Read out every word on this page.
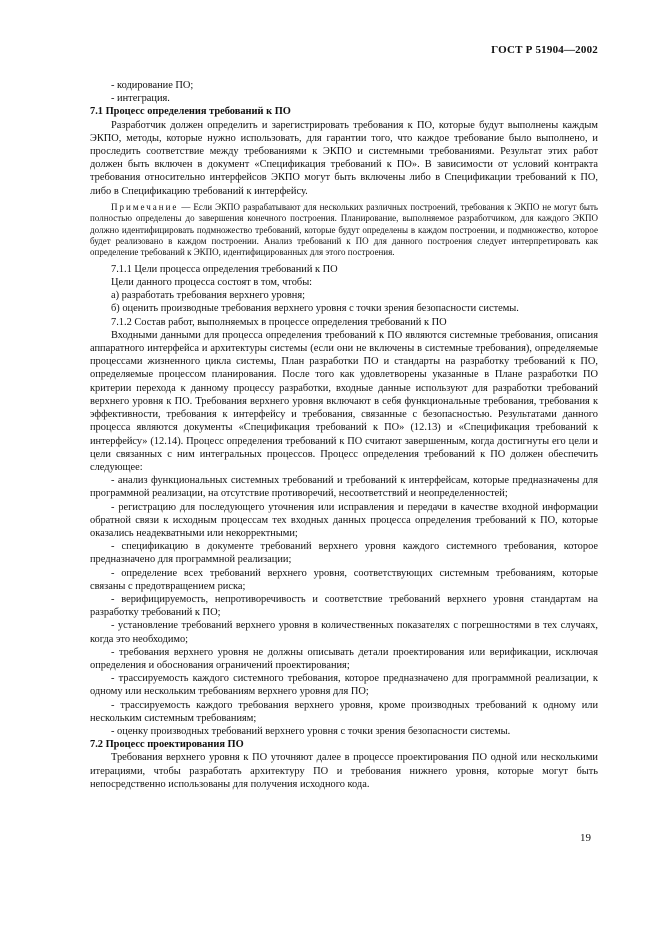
ГОСТ Р 51904—2002

- кодирование ПО;

- интеграция.

7.1 Процесс определения требований к ПО

Разработчик должен определить и зарегистрировать требования к ПО, которые будут выполнены каждым ЭКПО, методы, которые нужно использовать, для гарантии того, что каждое требование было выполнено, и проследить соответствие между требованиями к ЭКПО и системными требованиями. Результат этих работ должен быть включен в документ «Спецификация требований к ПО». В зависимости от условий контракта требования относительно интерфейсов ЭКПО могут быть включены либо в Спецификации требований к ПО, либо в Спецификацию требований к интерфейсу.

Примечание — Если ЭКПО разрабатывают для нескольких различных построений, требования к ЭКПО не могут быть полностью определены до завершения конечного построения. Планирование, выполняемое разработчиком, для каждого ЭКПО должно идентифицировать подмножество требований, которые будут определены в каждом построении, и подмножество, которое будет реализовано в каждом построении. Анализ требований к ПО для данного построения следует интерпретировать как определение требований к ЭКПО, идентифицированных для этого построения.

7.1.1 Цели процесса определения требований к ПО

Цели данного процесса состоят в том, чтобы:

а) разработать требования верхнего уровня;

б) оценить производные требования верхнего уровня с точки зрения безопасности системы.

7.1.2 Состав работ, выполняемых в процессе определения требований к ПО

Входными данными для процесса определения требований к ПО являются системные требования, описания аппаратного интерфейса и архитектуры системы (если они не включены в системные требования), определяемые процессами жизненного цикла системы, План разработки ПО и стандарты на разработку требований к ПО, определяемые процессом планирования. После того как удовлетворены указанные в Плане разработки ПО критерии перехода к данному процессу разработки, входные данные используют для разработки требований верхнего уровня к ПО. Требования верхнего уровня включают в себя функциональные требования, требования к эффективности, требования к интерфейсу и требования, связанные с безопасностью. Результатами данного процесса являются документы «Спецификация требований к ПО» (12.13) и «Спецификация требований к интерфейсу» (12.14). Процесс определения требований к ПО считают завершенным, когда достигнуты его цели и цели связанных с ним интегральных процессов. Процесс определения требований к ПО должен обеспечить следующее:

- анализ функциональных системных требований и требований к интерфейсам, которые предназначены для программной реализации, на отсутствие противоречий, несоответствий и неопределенностей;

- регистрацию для последующего уточнения или исправления и передачи в качестве входной информации обратной связи к исходным процессам тех входных данных процесса определения требований к ПО, которые оказались неадекватными или некорректными;

- спецификацию в документе требований верхнего уровня каждого системного требования, которое предназначено для программной реализации;

- определение всех требований верхнего уровня, соответствующих системным требованиям, которые связаны с предотвращением риска;

- верифицируемость, непротиворечивость и соответствие требований верхнего уровня стандартам на разработку требований к ПО;

- установление требований верхнего уровня в количественных показателях с погрешностями в тех случаях, когда это необходимо;

- требования верхнего уровня не должны описывать детали проектирования или верификации, исключая определения и обоснования ограничений проектирования;

- трассируемость каждого системного требования, которое предназначено для программной реализации, к одному или нескольким требованиям верхнего уровня для ПО;

- трассируемость каждого требования верхнего уровня, кроме производных требований к одному или нескольким системным требованиям;

- оценку производных требований верхнего уровня с точки зрения безопасности системы.

7.2 Процесс проектирования ПО

Требования верхнего уровня к ПО уточняют далее в процессе проектирования ПО одной или несколькими итерациями, чтобы разработать архитектуру ПО и требования нижнего уровня, которые могут быть непосредственно использованы для получения исходного кода.

19
